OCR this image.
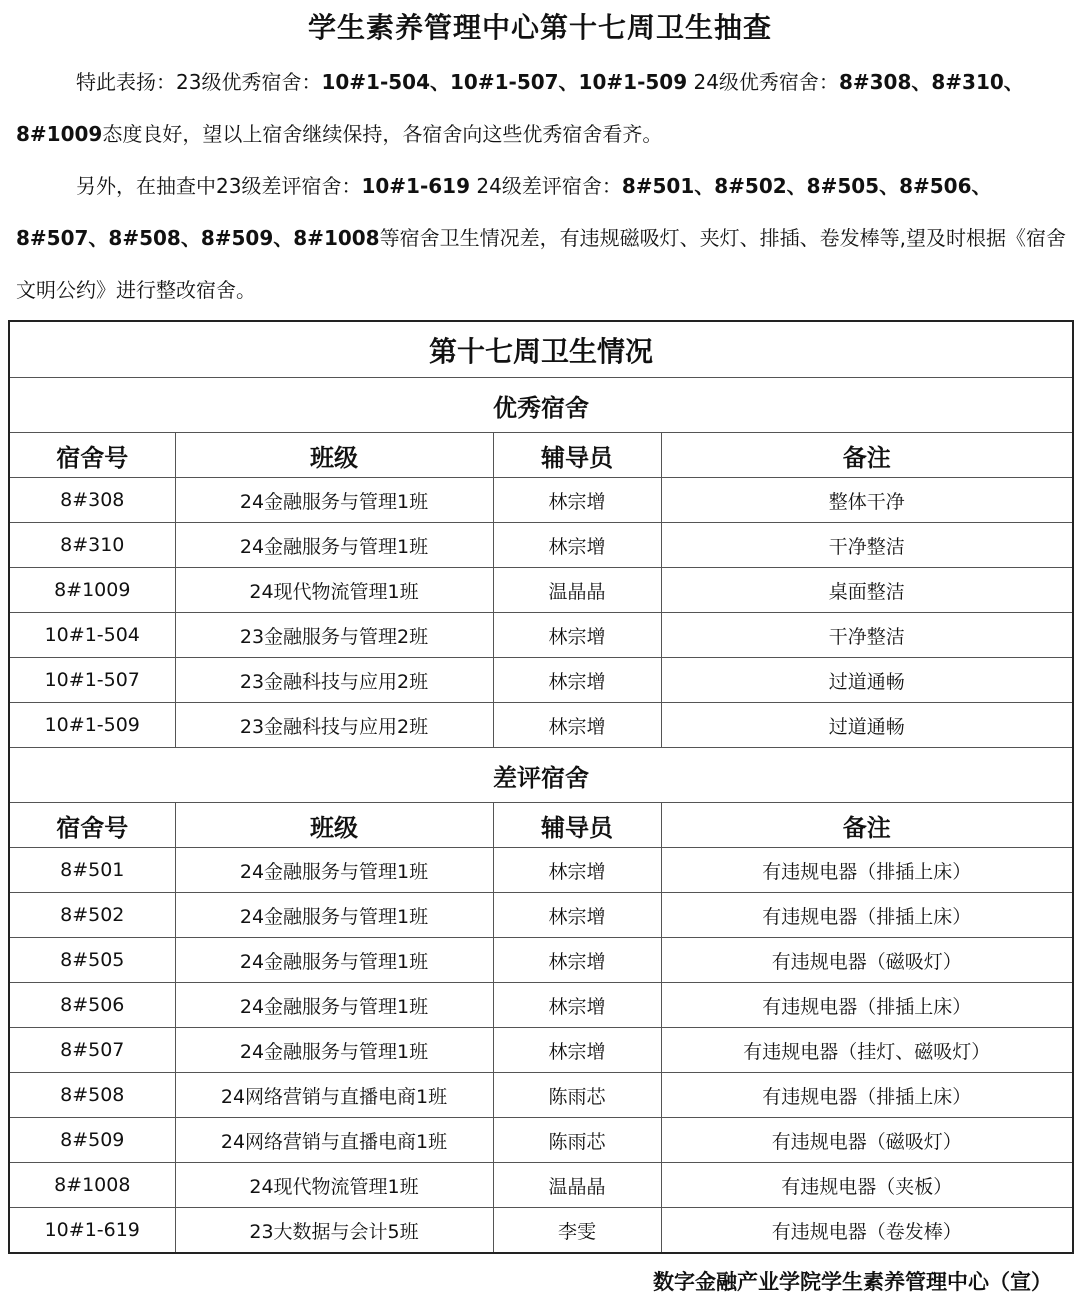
学生素养管理中心第十七周卫生抽查
特此表扬：23级优秀宿舍：10#1-504、10#1-507、10#1-509 24级优秀宿舍：8#308、8#310、8#1009态度良好，望以上宿舍继续保持，各宿舍向这些优秀宿舍看齐。
另外，在抽查中23级差评宿舍：10#1-619 24级差评宿舍：8#501、8#502、8#505、8#506、8#507、8#508、8#509、8#1008等宿舍卫生情况差，有违规磁吸灯、夹灯、排插、卷发棒等,望及时根据《宿舍文明公约》进行整改宿舍。
第十七周卫生情况			
优秀宿舍			
宿舍号	班级	辅导员	备注
8#308	24金融服务与管理1班	林宗增	整体干净
8#310	24金融服务与管理1班	林宗增	干净整洁
8#1009	24现代物流管理1班	温晶晶	桌面整洁
10#1-504	23金融服务与管理2班	林宗增	干净整洁
10#1-507	23金融科技与应用2班	林宗增	过道通畅
10#1-509	23金融科技与应用2班	林宗增	过道通畅
差评宿舍			
宿舍号	班级	辅导员	备注
8#501	24金融服务与管理1班	林宗增	有违规电器（排插上床）
8#502	24金融服务与管理1班	林宗增	有违规电器（排插上床）
8#505	24金融服务与管理1班	林宗增	有违规电器（磁吸灯）
8#506	24金融服务与管理1班	林宗增	有违规电器（排插上床）
8#507	24金融服务与管理1班	林宗增	有违规电器（挂灯、磁吸灯）
8#508	24网络营销与直播电商1班	陈雨芯	有违规电器（排插上床）
8#509	24网络营销与直播电商1班	陈雨芯	有违规电器（磁吸灯）
8#1008	24现代物流管理1班	温晶晶	有违规电器（夹板）
10#1-619	23大数据与会计5班	李雯	有违规电器（卷发棒）
数字金融产业学院学生素养管理中心（宣）
